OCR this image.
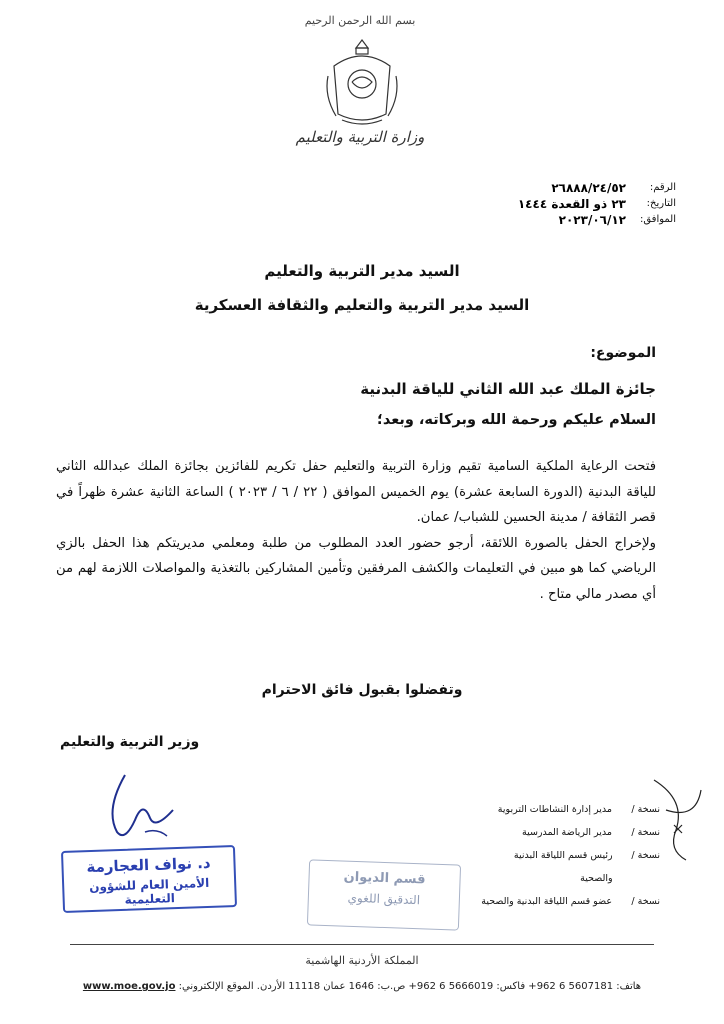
بسم الله الرحمن الرحيم
وزارة التربية والتعليم
الرقم:
٢٦٨٨٨/٢٤/٥٢
التاريخ:
٢٣ ذو القعدة ١٤٤٤
الموافق:
٢٠٢٣/٠٦/١٢
السيد مدير التربية والتعليم
السيد مدير التربية والتعليم والثقافة العسكرية
الموضوع:
جائزة الملك عبد الله الثاني للياقة البدنية
السلام عليكم ورحمة الله وبركاته، وبعد؛

فتحت الرعاية الملكية السامية تقيم وزارة التربية والتعليم حفل تكريم للفائزين بجائزة الملك عبدالله الثاني للياقة البدنية (الدورة السابعة عشرة) يوم الخميس الموافق ( ٢٢ / ٦ / ٢٠٢٣ ) الساعة الثانية عشرة ظهراً في قصر الثقافة / مدينة الحسين للشباب/ عمان.

ولإخراج الحفل بالصورة اللائقة، أرجو حضور العدد المطلوب من طلبة ومعلمي مديريتكم هذا الحفل بالزي الرياضي كما هو مبين في التعليمات والكشف المرفقين وتأمين المشاركين بالتغذية والمواصلات اللازمة لهم من أي مصدر مالي متاح .

وتفضلوا بقبول فائق الاحترام
وزير التربية والتعليم
د. نواف العجارمة
الأمين العام للشؤون التعليمية
قسم الديوان
التدقيق اللغوي
نسخة /
مدير إدارة النشاطات التربوية
نسخة /
مدير الرياضة المدرسية
نسخة /
رئيس قسم اللياقة البدنية والصحية
نسخة /
عضو قسم اللياقة البدنية والصحية
المملكة الأردنية الهاشمية
هاتف: 5607181 6 962+ فاكس: 5666019 6 962+ ص.ب: 1646 عمان 11118 الأردن. الموقع الإلكتروني: www.moe.gov.jo
